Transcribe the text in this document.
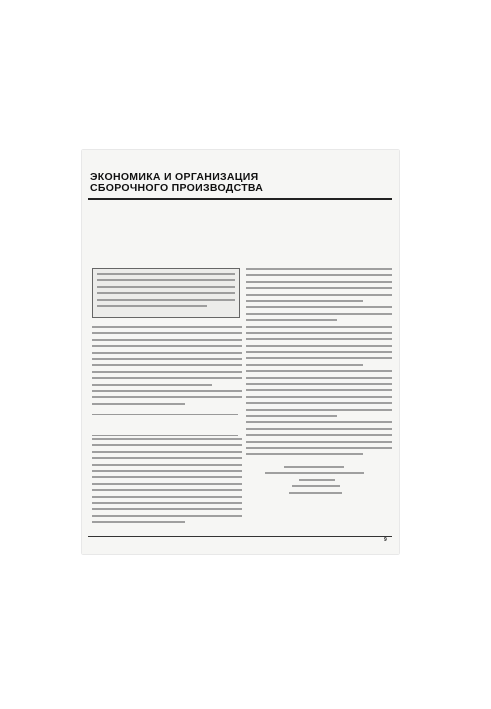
ЭКОНОМИКА И ОРГАНИЗАЦИЯ СБОРОЧНОГО ПРОИЗВОДСТВА
9
